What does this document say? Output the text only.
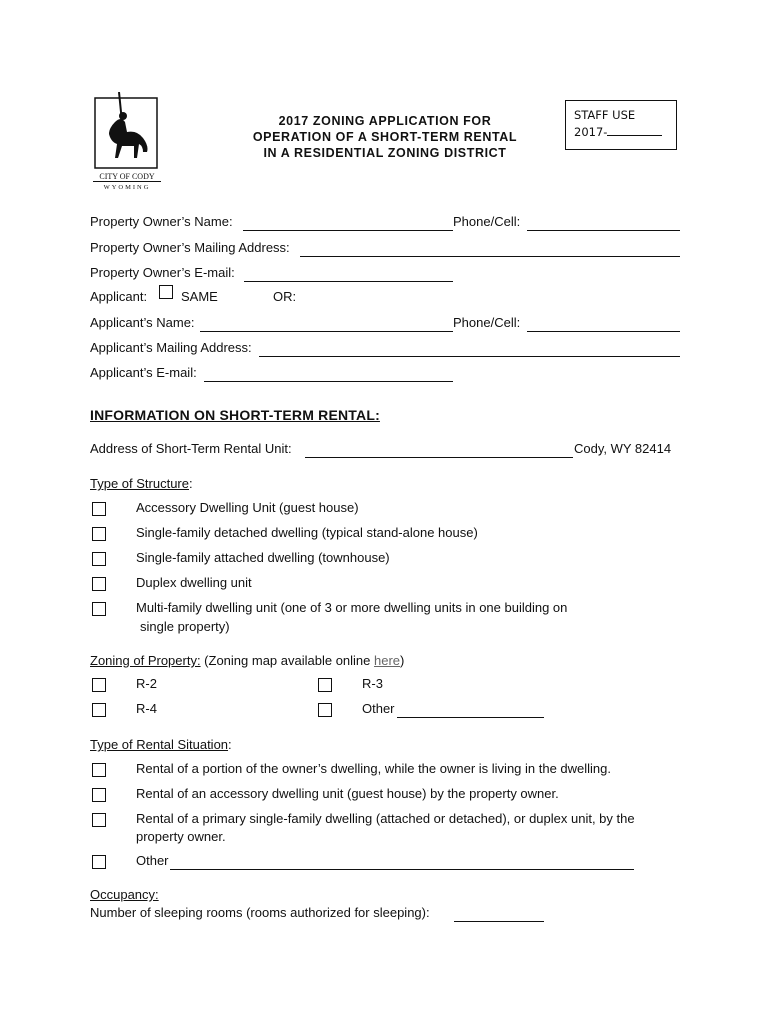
CITY OF CODY
WYOMING
2017 ZONING APPLICATION FOR
OPERATION OF A SHORT-TERM RENTAL
IN A RESIDENTIAL ZONING DISTRICT
STAFF USE
2017-
Property Owner’s Name:	Phone/Cell:
Property Owner’s Mailing Address:
Property Owner’s E-mail:
Applicant:	SAME	OR:
Applicant’s Name:	Phone/Cell:
Applicant’s Mailing Address:
Applicant’s E-mail:
INFORMATION ON SHORT-TERM RENTAL:
Address of Short-Term Rental Unit:	Cody, WY 82414
Type of Structure:
Accessory Dwelling Unit (guest house)
Single-family detached dwelling (typical stand-alone house)
Single-family attached dwelling (townhouse)
Duplex dwelling unit
Multi-family dwelling unit (one of 3 or more dwelling units in one building on
single property)
Zoning of Property: (Zoning map available online here)
R-2	R-3
R-4	Other
Type of Rental Situation:
Rental of a portion of the owner’s dwelling, while the owner is living in the dwelling.
Rental of an accessory dwelling unit (guest house) by the property owner.
Rental of a primary single-family dwelling (attached or detached), or duplex unit, by the
property owner.
Other
Occupancy:
Number of sleeping rooms (rooms authorized for sleeping):
